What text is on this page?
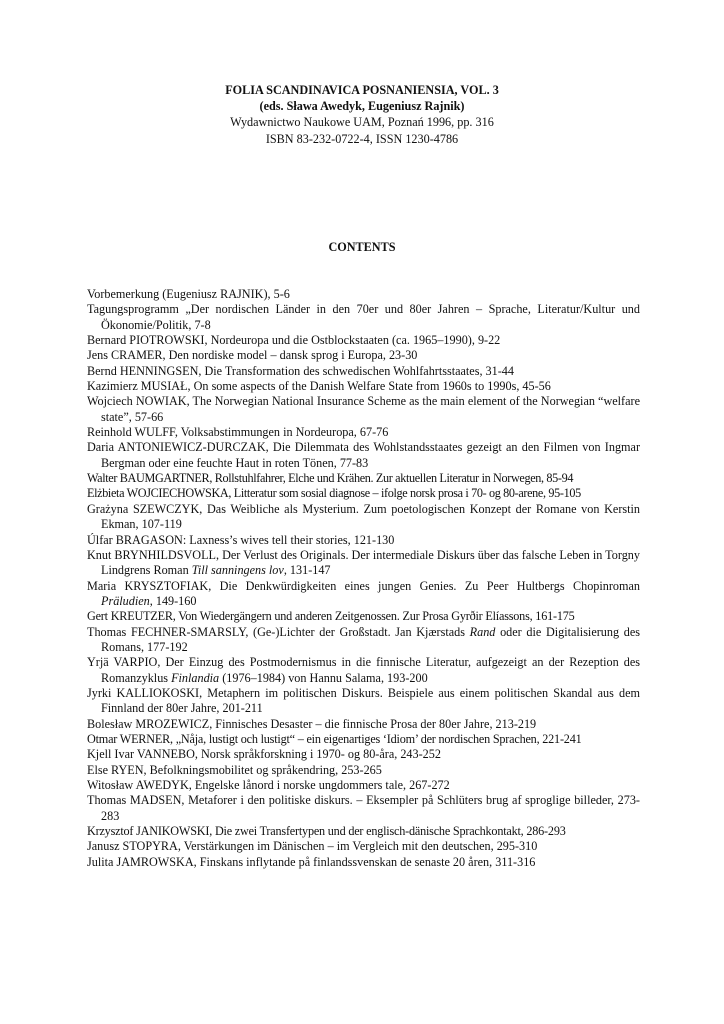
FOLIA SCANDINAVICA POSNANIENSIA, VOL. 3
(eds. Sława Awedyk, Eugeniusz Rajnik)
Wydawnictwo Naukowe UAM, Poznań 1996, pp. 316
ISBN 83-232-0722-4, ISSN 1230-4786
CONTENTS
Vorbemerkung (Eugeniusz RAJNIK), 5-6
Tagungsprogramm „Der nordischen Länder in den 70er und 80er Jahren – Sprache, Literatur/Kultur und Ökonomie/Politik, 7-8
Bernard PIOTROWSKI, Nordeuropa und die Ostblockstaaten (ca. 1965–1990), 9-22
Jens CRAMER, Den nordiske model – dansk sprog i Europa, 23-30
Bernd HENNINGSEN, Die Transformation des schwedischen Wohlfahrtsstaates, 31-44
Kazimierz MUSIAŁ, On some aspects of the Danish Welfare State from 1960s to 1990s, 45-56
Wojciech NOWIAK, The Norwegian National Insurance Scheme as the main element of the Norwegian “welfare state”, 57-66
Reinhold WULFF, Volksabstimmungen in Nordeuropa, 67-76
Daria ANTONIEWICZ-DURCZAK, Die Dilemmata des Wohlstandsstaates gezeigt an den Filmen von Ingmar Bergman oder eine feuchte Haut in roten Tönen, 77-83
Walter BAUMGARTNER, Rollstuhlfahrer, Elche und Krähen. Zur aktuellen Literatur in Norwegen, 85-94
Elżbieta WOJCIECHOWSKA, Litteratur som sosial diagnose – ifolge norsk prosa i 70- og 80-arene, 95-105
Grażyna SZEWCZYK, Das Weibliche als Mysterium. Zum poetologischen Konzept der Romane von Kerstin Ekman, 107-119
Úlfar BRAGASON: Laxness’s wives tell their stories, 121-130
Knut BRYNHILDSVOLL, Der Verlust des Originals. Der intermediale Diskurs über das falsche Leben in Torgny Lindgrens Roman Till sanningens lov, 131-147
Maria KRYSZTOFIAK, Die Denkwürdigkeiten eines jungen Genies. Zu Peer Hultbergs Chopinroman Präludien, 149-160
Gert KREUTZER, Von Wiedergängern und anderen Zeitgenossen. Zur Prosa Gyrðir Elíassons, 161-175
Thomas FECHNER-SMARSLY, (Ge-)Lichter der Großstadt. Jan Kjærstads Rand oder die Digitalisierung des Romans, 177-192
Yrjä VARPIO, Der Einzug des Postmodernismus in die finnische Literatur, aufgezeigt an der Rezeption des Romanzyklus Finlandia (1976–1984) von Hannu Salama, 193-200
Jyrki KALLIOKOSKI, Metaphern im politischen Diskurs. Beispiele aus einem politischen Skandal aus dem Finnland der 80er Jahre, 201-211
Bolesław MROZEWICZ, Finnisches Desaster – die finnische Prosa der 80er Jahre, 213-219
Otmar WERNER, „Nåja, lustigt och lustigt“ – ein eigenartiges ‘Idiom’ der nordischen Sprachen, 221-241
Kjell Ivar VANNEBO, Norsk språkforskning i 1970- og 80-åra, 243-252
Else RYEN, Befolkningsmobilitet og språkendring, 253-265
Witosław AWEDYK, Engelske lånord i norske ungdommers tale, 267-272
Thomas MADSEN, Metaforer i den politiske diskurs. – Eksempler på Schlüters brug af sproglige billeder, 273-283
Krzysztof JANIKOWSKI, Die zwei Transfertypen und der englisch-dänische Sprachkontakt, 286-293
Janusz STOPYRA, Verstärkungen im Dänischen – im Vergleich mit den deutschen, 295-310
Julita JAMROWSKA, Finskans inflytande på finlandssvenskan de senaste 20 åren, 311-316
